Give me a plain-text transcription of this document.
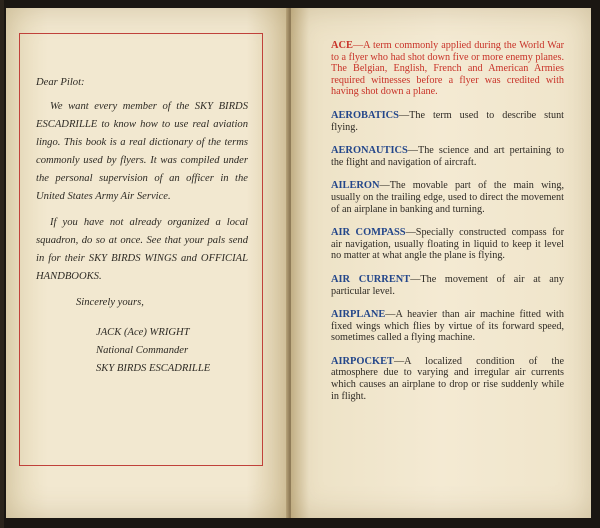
Dear Pilot:

We want every member of the SKY BIRDS ESCADRILLE to know how to use real aviation lingo. This book is a real dictionary of the terms commonly used by flyers. It was compiled under the personal supervision of an officer in the United States Army Air Service.

If you have not already organized a local squadron, do so at once. See that your pals send in for their SKY BIRDS WINGS and OFFICIAL HANDBOOKS.

Sincerely yours,
JACK (Ace) WRIGHT
National Commander
SKY BIRDS ESCADRILLE
ACE—A term commonly applied during the World War to a flyer who had shot down five or more enemy planes. The Belgian, English, French and American Armies required witnesses before a flyer was credited with having shot down a plane.
AEROBATICS—The term used to describe stunt flying.
AERONAUTICS—The science and art pertaining to the flight and navigation of aircraft.
AILERON—The movable part of the main wing, usually on the trailing edge, used to direct the movement of an airplane in banking and turning.
AIR COMPASS—Specially constructed compass for air navigation, usually floating in liquid to keep it level no matter at what angle the plane is flying.
AIR CURRENT—The movement of air at any particular level.
AIRPLANE—A heavier than air machine fitted with fixed wings which flies by virtue of its forward speed, sometimes called a flying machine.
AIRPOCKET—A localized condition of the atmosphere due to varying and irregular air currents which causes an airplane to drop or rise suddenly while in flight.
